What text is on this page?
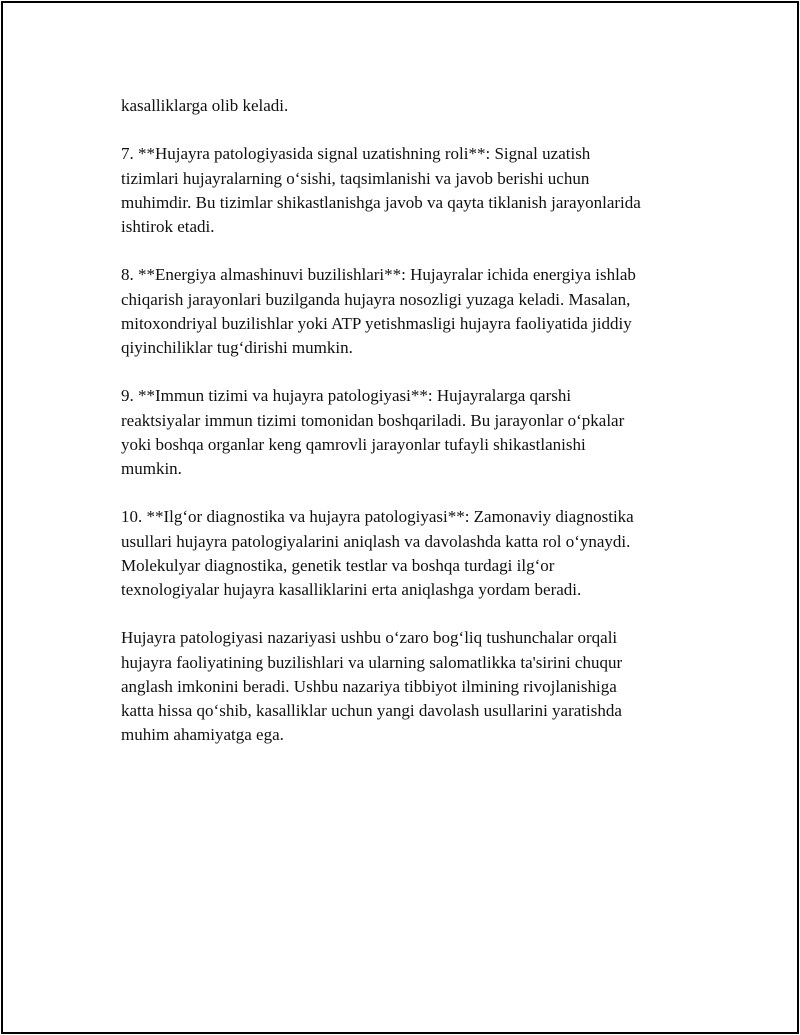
kasalliklarga olib keladi.

7. **Hujayra patologiyasida signal uzatishning roli**: Signal uzatish
tizimlari hujayralarning o‘sishi, taqsimlanishi va javob berishi uchun
muhimdir. Bu tizimlar shikastlanishga javob va qayta tiklanish jarayonlarida
ishtirok etadi.

8. **Energiya almashinuvi buzilishlari**: Hujayralar ichida energiya ishlab
chiqarish jarayonlari buzilganda hujayra nosozligi yuzaga keladi. Masalan,
mitoxondriyal buzilishlar yoki ATP yetishmasligi hujayra faoliyatida jiddiy
qiyinchiliklar tug‘dirishi mumkin.

9. **Immun tizimi va hujayra patologiyasi**: Hujayralarga qarshi
reaktsiyalar immun tizimi tomonidan boshqariladi. Bu jarayonlar o‘pkalar
yoki boshqa organlar keng qamrovli jarayonlar tufayli shikastlanishi
mumkin.

10. **Ilg‘or diagnostika va hujayra patologiyasi**: Zamonaviy diagnostika
usullari hujayra patologiyalarini aniqlash va davolashda katta rol o‘ynaydi.
Molekulyar diagnostika, genetik testlar va boshqa turdagi ilg‘or
texnologiyalar hujayra kasalliklarini erta aniqlashga yordam beradi.

Hujayra patologiyasi nazariyasi ushbu o‘zaro bog‘liq tushunchalar orqali
hujayra faoliyatining buzilishlari va ularning salomatlikka ta'sirini chuqur
anglash imkonini beradi. Ushbu nazariya tibbiyot ilmining rivojlanishiga
katta hissa qo‘shib, kasalliklar uchun yangi davolash usullarini yaratishda
muhim ahamiyatga ega.
